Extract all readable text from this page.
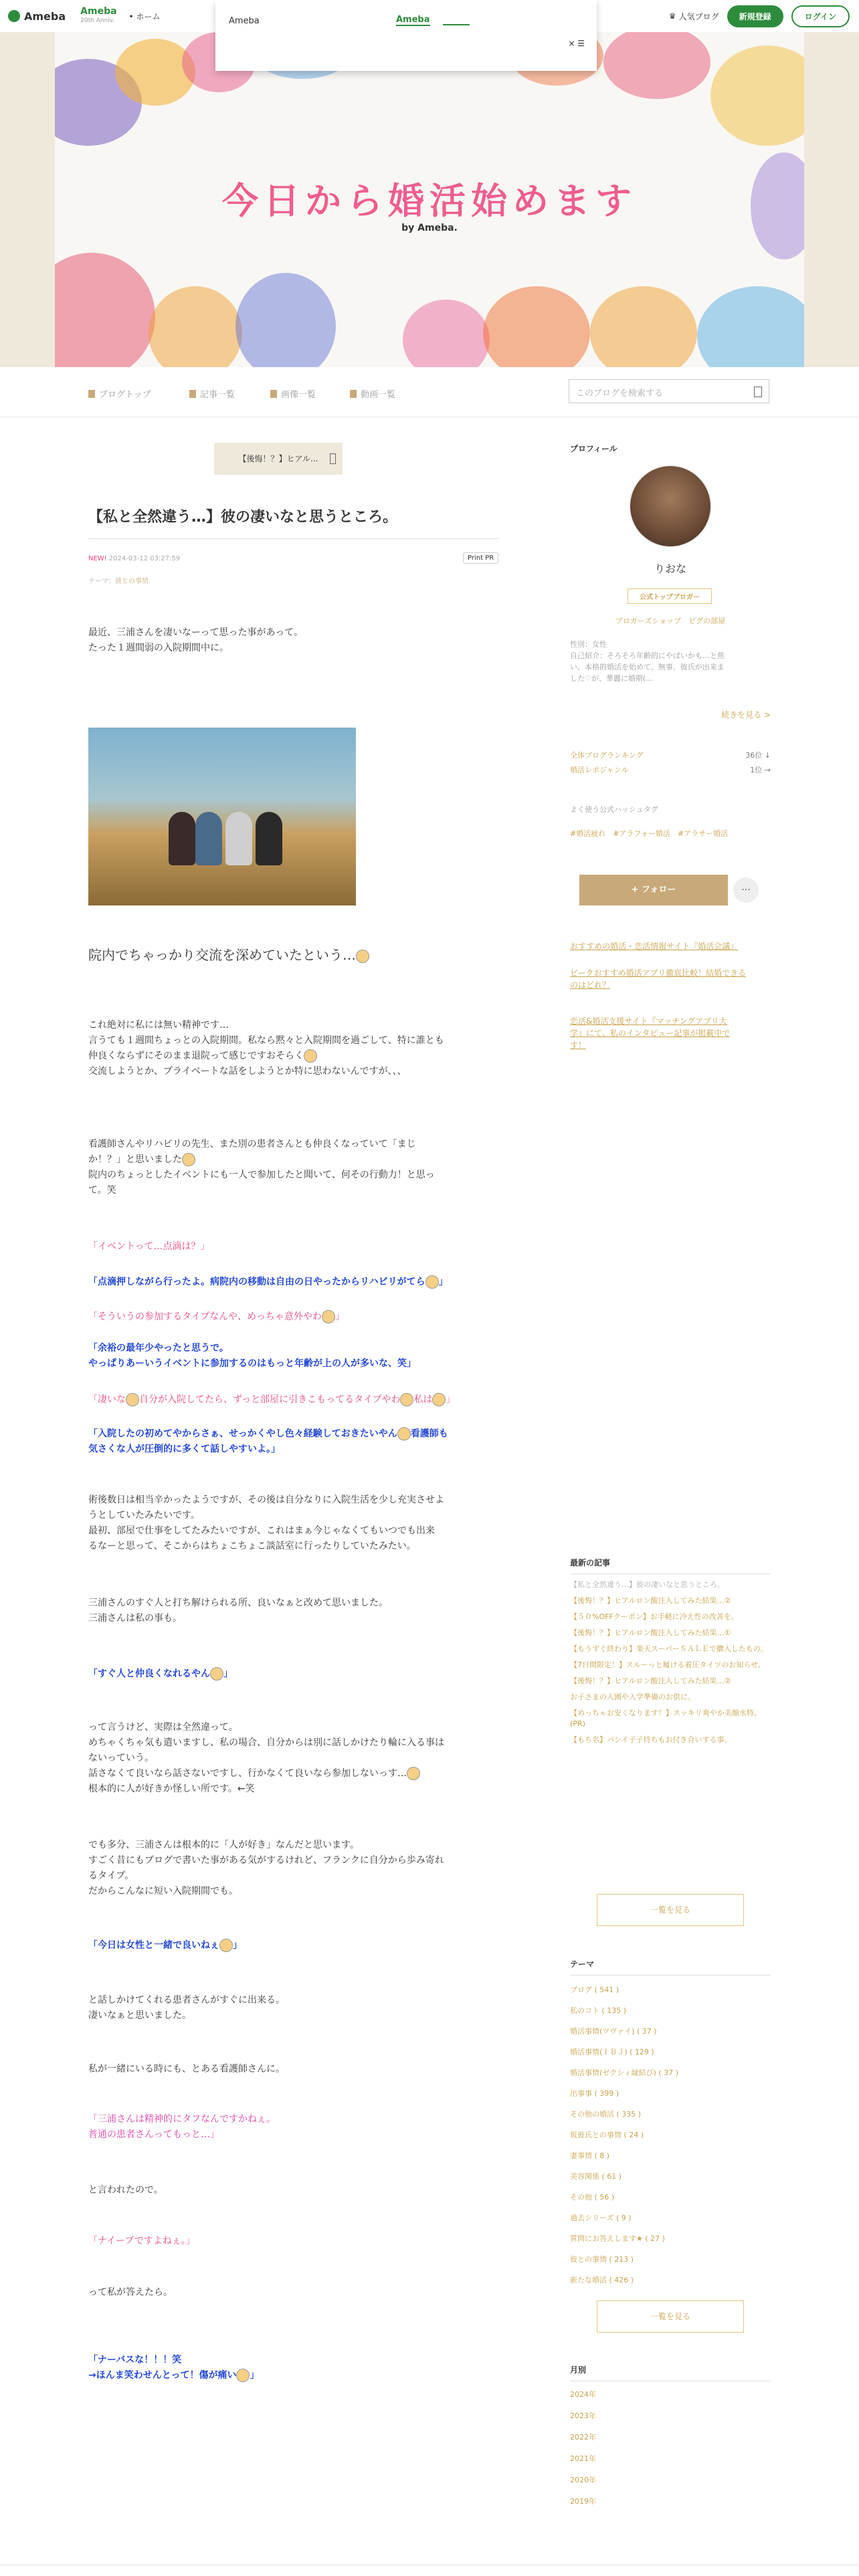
Ameba Ameba
20th Anniv. • ホーム	♛ 人気ブログ	新規登録	ログイン
Ameba	Ameba
× ☰
今日から婚活始めます
by Ameba.
ブログトップ	記事一覧	画像一覧	動画一覧	このブログを検索する
【後悔！？】ヒアル...
【私と全然違う…】彼の凄いなと思うところ。
NEW! 2024-03-12 03:27:59	Print PR
テーマ：彼との事情
最近、三浦さんを凄いなーって思った事があって。
たった１週間弱の入院期間中に。
院内でちゃっかり交流を深めていたという…
これ絶対に私には無い精神です…
言うても１週間ちょっとの入院期間。私なら黙々と入院期間を過ごして、特に誰とも
仲良くならずにそのまま退院って感じですおそらく
交流しようとか、プライベートな話をしようとか特に思わないんですが、、、
看護師さんやリハビリの先生、また別の患者さんとも仲良くなっていて「まじ
か！？」と思いました
院内のちょっとしたイベントにも一人で参加したと聞いて、何その行動力！と思っ
て。笑
「イベントって…点滴は？」
「点滴押しながら行ったよ。病院内の移動は自由の日やったからリハビリがてら 」
「そういうの参加するタイプなんや、めっちゃ意外やわ 」
「余裕の最年少やったと思うで。
やっぱりあーいうイベントに参加するのはもっと年齢が上の人が多いな、笑」
「凄いな 自分が入院してたら、ずっと部屋に引きこもってるタイプやわ 私は 」
「入院したの初めてやからさぁ、せっかくやし色々経験しておきたいやん 看護師も
気さくな人が圧倒的に多くて話しやすいよ。」
術後数日は相当辛かったようですが、その後は自分なりに入院生活を少し充実させよ
うとしていたみたいです。
最初、部屋で仕事をしてたみたいですが、これはまぁ今じゃなくてもいつでも出来
るなーと思って、そこからはちょこちょこ談話室に行ったりしていたみたい。
三浦さんのすぐ人と打ち解けられる所、良いなぁと改めて思いました。
三浦さんは私の事も。
「すぐ人と仲良くなれるやん 」
って言うけど、実際は全然違って。
めちゃくちゃ気も遣いますし、私の場合、自分からは別に話しかけたり輪に入る事は
ないっていう。
話さなくて良いなら話さないですし、行かなくて良いなら参加しないっす…
根本的に人が好きか怪しい所です。←笑
でも多分、三浦さんは根本的に「人が好き」なんだと思います。
すごく昔にもブログで書いた事がある気がするけれど、フランクに自分から歩み寄れ
るタイプ。
だからこんなに短い入院期間でも。
「今日は女性と一緒で良いねぇ 」
と話しかけてくれる患者さんがすぐに出来る。
凄いなぁと思いました。
私が一緒にいる時にも、とある看護師さんに。
「三浦さんは精神的にタフなんですかねぇ。
普通の患者さんってもっと…」
と言われたので。
「ナイーブですよねぇ。」
って私が答えたら。
「ナーバスな！！！笑
→ほんま笑わせんとって！傷が痛い 」
プロフィール
りおな
公式トップブロガー
ブロガーズショップ　ピグの部屋
性別：女性
自己紹介：そろそろ年齢的にやばいかも…と焦
い、本格的婚活を始めて。無事、彼氏が出来ま
した♡が、華麗に婚期(...
続きを見る >
全体ブログランキング	36位 ↓
婚活レポジャンル	1位 →
よく使う公式ハッシュタグ
#婚活疲れ　#アラフォー婚活　#アラサー婚活
+ フォロー	···
おすすめの婚活・恋活情報サイト『婚活会議』
ピークおすすめ婚活アプリ徹底比較！結婚できる
のはどれ？
恋活&婚活支援サイト『マッチングアプリ大
学』にて、私のインタビュー記事が掲載中で
す！
最新の記事
【私と全然違う…】彼の凄いなと思うところ。
【後悔！？】ヒアルロン酸注入してみた結果…②
【５０%OFFクーポン】お手軽に冷え性の改善を。
【後悔！？】ヒアルロン酸注入してみた結果…①
【もうすぐ終わり】楽天スーパーＳＡＬＥで購入したもの。
【7日間限定！】スルーっと履ける着圧タイツのお知らせ。
【後悔！？】ヒアルロン酸注入してみた結果…②
お子さまの入園や入学準備のお供に。
【めっちゃお安くなります！】スッキリ爽やか美顔水特。(PR)
【もち名】パシイ子子持ちもお付き合いする事。
一覧を見る
テーマ
ブログ ( 541 )
私のコト ( 135 )
婚活事情(ツヴァイ) ( 37 )
婚活事情(ＩＢＪ) ( 129 )
婚活事情(ゼクシィ縁結び) ( 37 )
出事事 ( 399 )
その他の婚活 ( 335 )
仮彼氏との事情 ( 24 )
妻事情 ( 8 )
美容関係 ( 61 )
その他 ( 56 )
過去シリーズ ( 9 )
質問にお答えします★ ( 27 )
彼との事情 ( 213 )
新たな婚活 ( 426 )
一覧を見る
月別
2024年
2023年
2022年
2021年
2020年
2019年
